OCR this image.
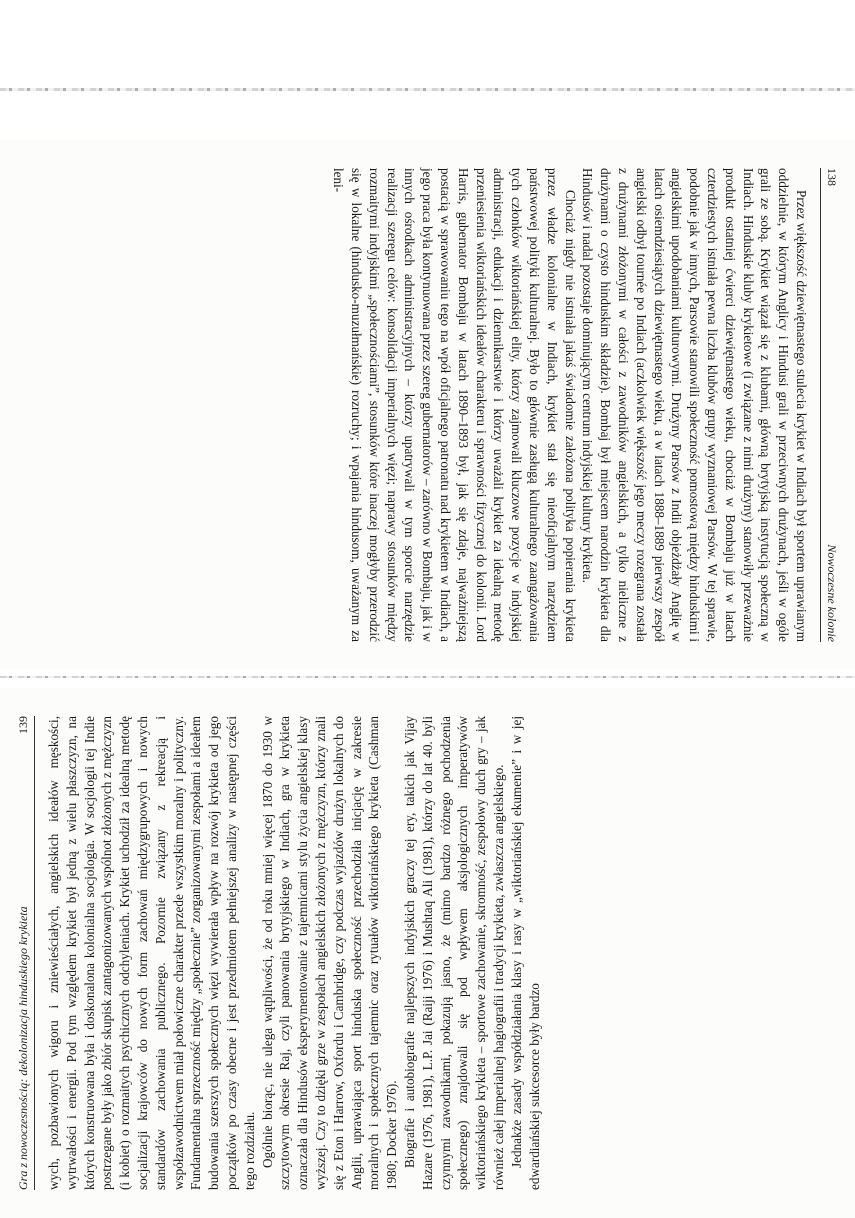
138
Nowoczesne kolonie

Przez większość dziewiętnastego stulecia krykiet w Indiach był sportem uprawianym oddzielnie, w którym Anglicy i Hindusi grali w przeciwnych drużynach, jeśli w ogóle grali ze sobą. Krykiet wiązał się z klubami, główną brytyjską instytucją społeczną w Indiach. Hinduskie kluby krykietowe (i związane z nimi drużyny) stanowiły przeważnie produkt ostatniej ćwierci dziewiętnastego wieku, chociaż w Bombaju już w latach czterdziestych istniała pewna liczba klubów grupy wyznaniowej Parsów. W tej sprawie, podobnie jak w innych, Parsowie stanowili społeczność pomostową między hinduskimi i angielskimi upodobaniami kulturowymi. Drużyny Parsów z Indii objeżdżały Anglię w latach osiemdziesiątych dziewiętnastego wieku, a w latach 1888–1889 pierwszy zespół angielski odbył tournée po Indiach (aczkolwiek większość jego meczy rozegrana została z drużynami złożonymi w całości z zawodników angielskich, a tylko nieliczne z drużynami o czysto hinduskim składzie). Bombaj był miejscem narodzin krykieta dla Hindusów i nadal pozostaje dominującym centrum indyjskiej kultury krykieta.

Chociaż nigdy nie istniała jakaś świadomie założona polityka popierania krykieta przez władze kolonialne w Indiach, krykiet stał się nieoficjalnym narzędziem państwowej polityki kulturalnej. Było to głównie zasługą kulturalnego zaangażowania tych członków wiktoriańskiej elity, którzy zajmowali kluczowe pozycje w indyjskiej administracji, edukacji i dziennikarstwie i którzy uważali krykiet za idealną metodę przeniesienia wiktoriańskich ideałów charakteru i sprawności fizycznej do kolonii. Lord Harris, gubernator Bombaju w latach 1890–1893 był, jak się zdaje, najważniejszą postacią w sprawowaniu tego na wpół oficjalnego patronatu nad krykietem w Indiach, a jego praca była kontynuowana przez szereg gubernatorów – zarówno w Bombaju, jak i w innych ośrodkach administracyjnych – którzy upatrywali w tym sporcie narzędzie realizacji szeregu celów: konsolidacji imperialnych więzi; naprawy stosunków między rozmaitymi indyjskimi „społecznościami”, stosunków które inaczej mogłyby przerodzić się w lokalne (hindusko-muzułmańskie) rozruchy; i wpajania hindusom, uważanym za leni-

Gra z nowoczesnością: dekolonizacja hinduskiego krykieta
139 wych, pozbawionych wigoru i zniewieściałych, angielskich ideałów męskości, wytrwałości i energii. Pod tym względem krykiet był jedną z wielu płaszczyzn, na których konstruowana była i doskonalona kolonialna socjologia. W socjologii tej Indie postrzegane były jako zbiór skupisk zantagonizowanych wspólnot złożonych z mężczyzn (i kobiet) o rozmaitych psychicznych odchyleniach. Krykiet uchodził za idealną metodę socjalizacji krajowców do nowych form zachowań międzygrupowych i nowych standardów zachowania publicznego. Pozornie związany z rekreacją i współzawodnictwem miał połowiczne charakter przede wszystkim moralny i polityczny. Fundamentalna sprzeczność między „społecznie” zorganizowanymi zespołami a ideałem budowania szerszych społecznych więzi wywierała wpływ na rozwój krykieta od jego początków po czasy obecne i jest przedmiotem pełniejszej analizy w następnej części tego rozdziału. Ogólnie biorąc, nie ulega wątpliwości, że od roku mniej więcej 1870 do 1930 w szczytowym okresie Raj, czyli panowania brytyjskiego w Indiach, gra w krykieta oznaczała dla Hindusów eksperymentowanie z tajemnicami stylu życia angielskiej klasy wyższej. Czy to dzięki grze w zespołach angielskich złożonych z mężczyzn, którzy znali się z Eton i Harrow, Oxfordu i Cambridge, czy podczas wyjazdów drużyn lokalnych do Anglii, uprawiająca sport hinduska społeczność przechodziła inicjację w zakresie moralnych i społecznych tajemnic oraz rytuałów wiktoriańskiego krykieta (Cashman 1980; Docker 1976). Biografie i autobiografie najlepszych indyjskich graczy tej ery, takich jak Vijay Hazare (1976, 1981), L.P. Jai (Raiji 1976) i Mushtaq Ali (1981), którzy do lat 40. byli czynnymi zawodnikami, pokazują jasno, że (mimo bardzo różnego pochodzenia społecznego) znajdowali się pod wpływem aksjologicznych imperatywów wiktoriańskiego krykieta – sportowe zachowanie, skromność, zespołowy duch gry – jak również całej imperialnej hagiografii i tradycji krykieta, zwłaszcza angielskiego. Jednakże zasady współdziałania klasy i rasy w „wiktoriańskiej ekumenie” i w jej edwardiańskiej sukcesorce były bardzo
